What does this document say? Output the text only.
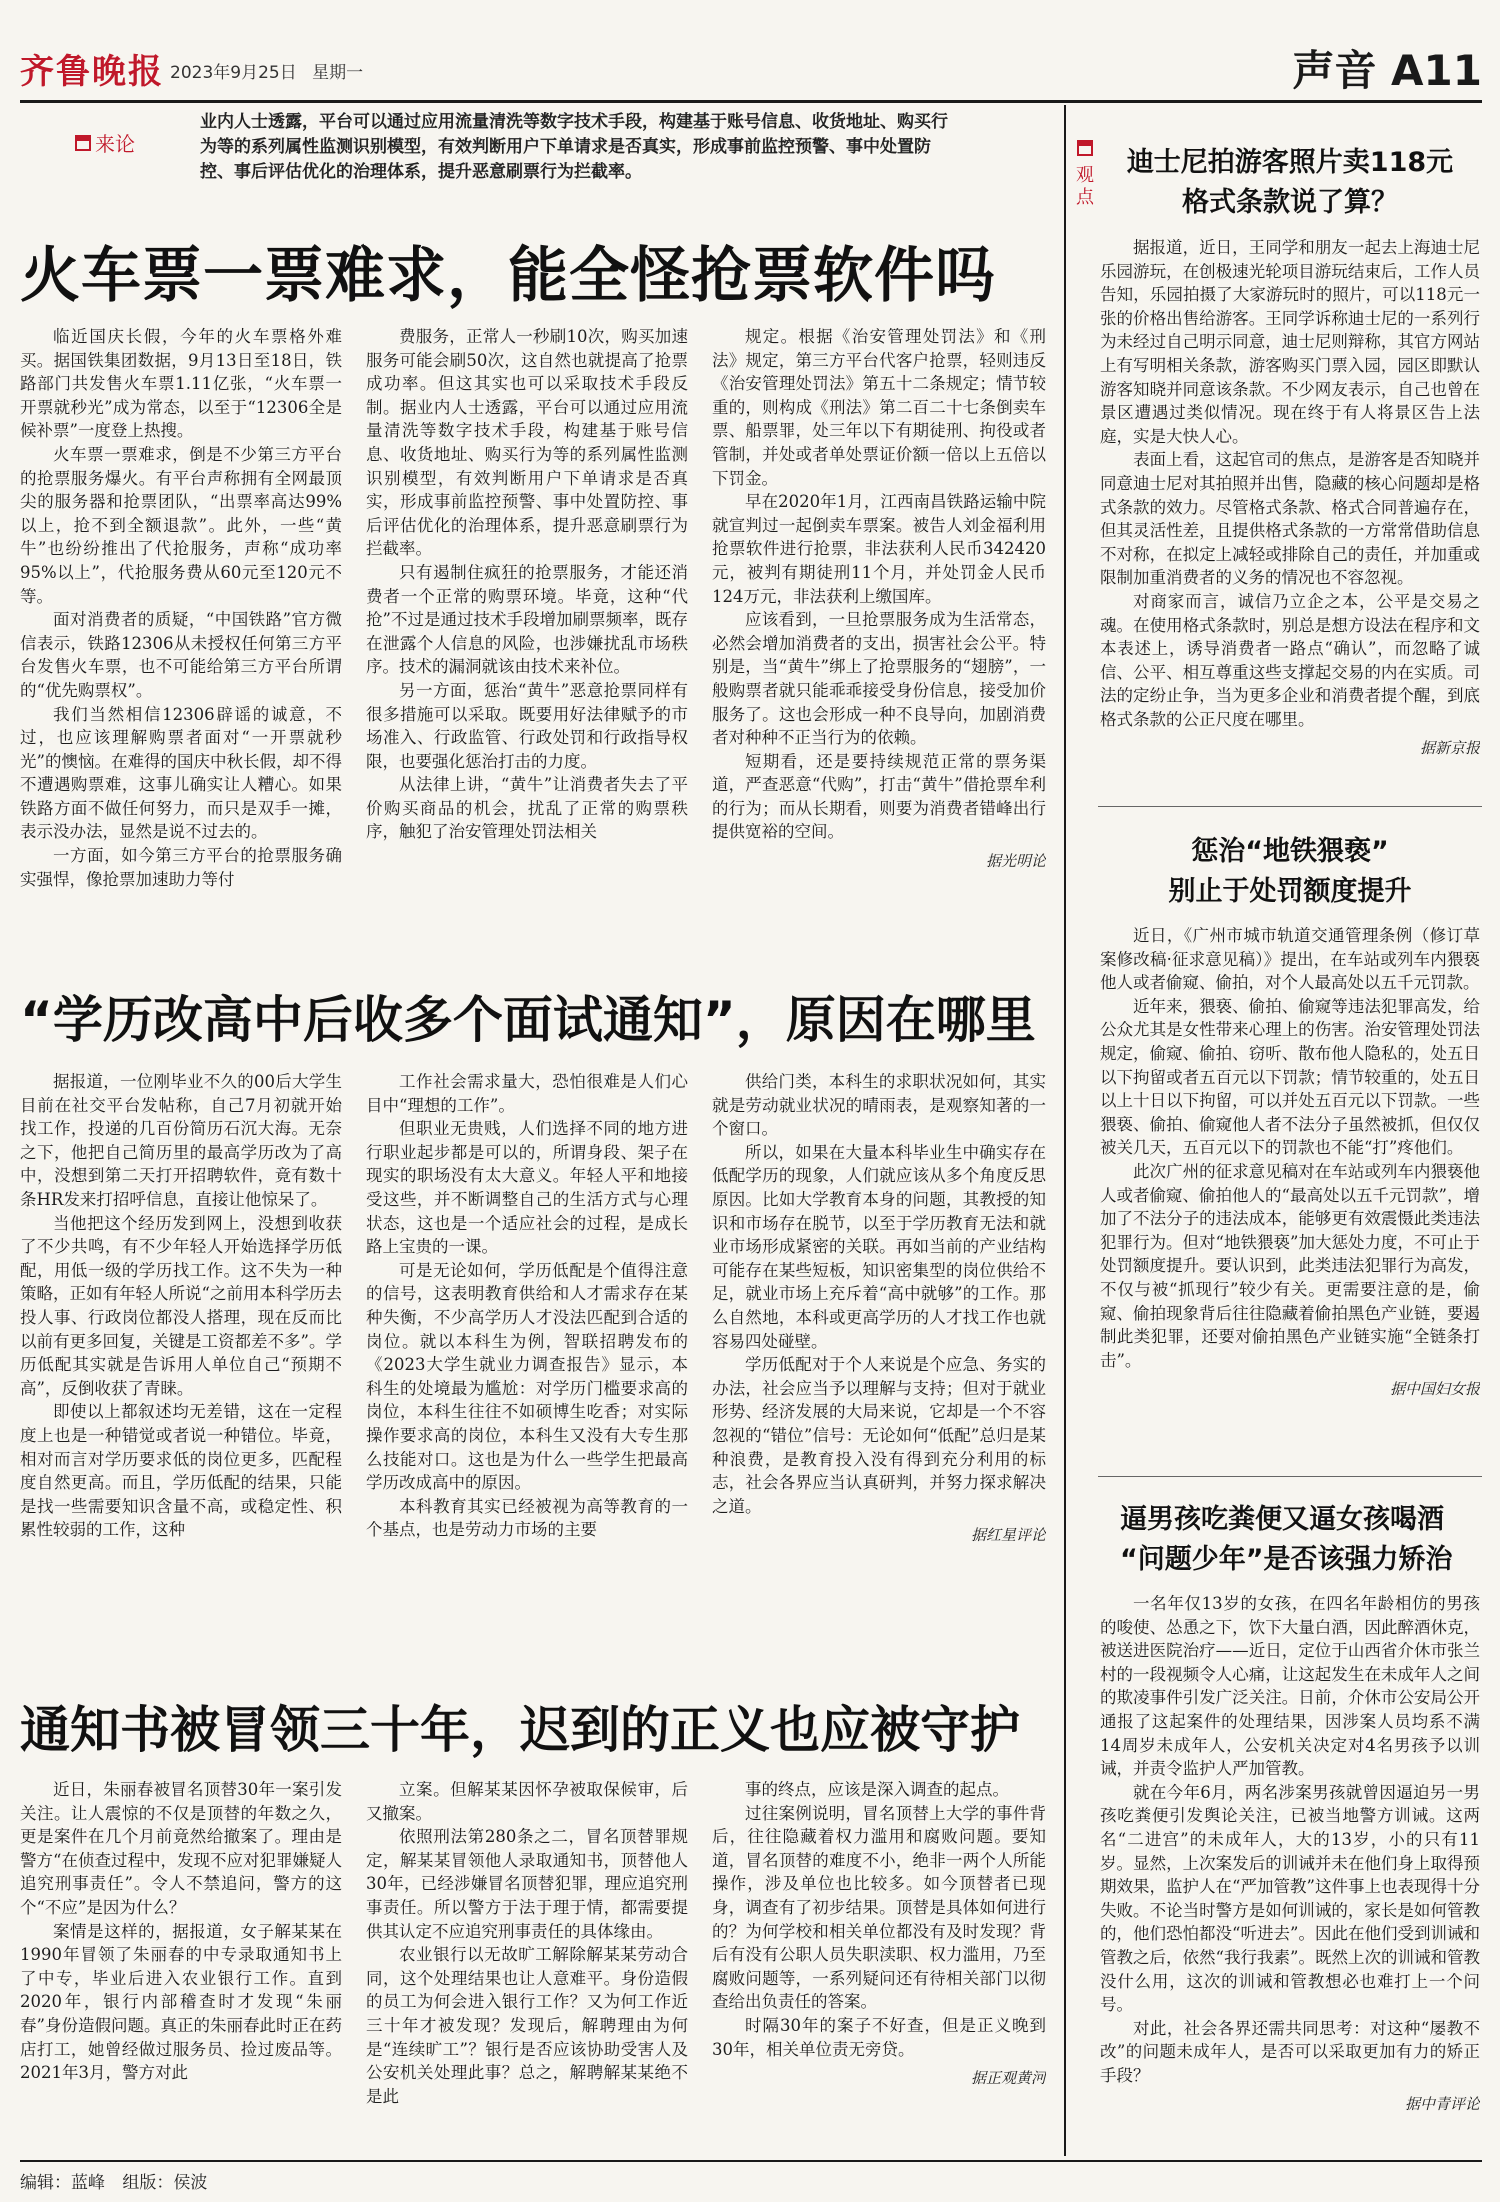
齐鲁晚报 2023年9月25日 星期一	声音 A11
来论
业内人士透露，平台可以通过应用流量清洗等数字技术手段，构建基于账号信息、收货地址、购买行为等的系列属性监测识别模型，有效判断用户下单请求是否真实，形成事前监控预警、事中处置防控、事后评估优化的治理体系，提升恶意刷票行为拦截率。
火车票一票难求，能全怪抢票软件吗

临近国庆长假，今年的火车票格外难买。据国铁集团数据，9月13日至18日，铁路部门共发售火车票1.11亿张，“火车票一开票就秒光”成为常态，以至于“12306全是候补票”一度登上热搜。

火车票一票难求，倒是不少第三方平台的抢票服务爆火。有平台声称拥有全网最顶尖的服务器和抢票团队，“出票率高达99%以上，抢不到全额退款”。此外，一些“黄牛”也纷纷推出了代抢服务，声称“成功率95%以上”，代抢服务费从60元至120元不等。

面对消费者的质疑，“中国铁路”官方微信表示，铁路12306从未授权任何第三方平台发售火车票，也不可能给第三方平台所谓的“优先购票权”。

我们当然相信12306辟谣的诚意，不过，也应该理解购票者面对“一开票就秒光”的懊恼。在难得的国庆中秋长假，却不得不遭遇购票难，这事儿确实让人糟心。如果铁路方面不做任何努力，而只是双手一摊，表示没办法，显然是说不过去的。

一方面，如今第三方平台的抢票服务确实强悍，像抢票加速助力等付

费服务，正常人一秒刷10次，购买加速服务可能会刷50次，这自然也就提高了抢票成功率。但这其实也可以采取技术手段反制。据业内人士透露，平台可以通过应用流量清洗等数字技术手段，构建基于账号信息、收货地址、购买行为等的系列属性监测识别模型，有效判断用户下单请求是否真实，形成事前监控预警、事中处置防控、事后评估优化的治理体系，提升恶意刷票行为拦截率。

只有遏制住疯狂的抢票服务，才能还消费者一个正常的购票环境。毕竟，这种“代抢”不过是通过技术手段增加刷票频率，既存在泄露个人信息的风险，也涉嫌扰乱市场秩序。技术的漏洞就该由技术来补位。

另一方面，惩治“黄牛”恶意抢票同样有很多措施可以采取。既要用好法律赋予的市场准入、行政监管、行政处罚和行政指导权限，也要强化惩治打击的力度。

从法律上讲，“黄牛”让消费者失去了平价购买商品的机会，扰乱了正常的购票秩序，触犯了治安管理处罚法相关

规定。根据《治安管理处罚法》和《刑法》规定，第三方平台代客户抢票，轻则违反《治安管理处罚法》第五十二条规定；情节较重的，则构成《刑法》第二百二十七条倒卖车票、船票罪，处三年以下有期徒刑、拘役或者管制，并处或者单处票证价额一倍以上五倍以下罚金。

早在2020年1月，江西南昌铁路运输中院就宣判过一起倒卖车票案。被告人刘金福利用抢票软件进行抢票，非法获利人民币342420元，被判有期徒刑11个月，并处罚金人民币124万元，非法获利上缴国库。

应该看到，一旦抢票服务成为生活常态，必然会增加消费者的支出，损害社会公平。特别是，当“黄牛”绑上了抢票服务的“翅膀”，一般购票者就只能乖乖接受身份信息，接受加价服务了。这也会形成一种不良导向，加剧消费者对种种不正当行为的依赖。

短期看，还是要持续规范正常的票务渠道，严查恶意“代购”，打击“黄牛”借抢票牟利的行为；而从长期看，则要为消费者错峰出行提供宽裕的空间。

据光明论

“学历改高中后收多个面试通知”，原因在哪里

据报道，一位刚毕业不久的00后大学生目前在社交平台发帖称，自己7月初就开始找工作，投递的几百份简历石沉大海。无奈之下，他把自己简历里的最高学历改为了高中，没想到第二天打开招聘软件，竟有数十条HR发来打招呼信息，直接让他惊呆了。

当他把这个经历发到网上，没想到收获了不少共鸣，有不少年轻人开始选择学历低配，用低一级的学历找工作。这不失为一种策略，正如有年轻人所说“之前用本科学历去投人事、行政岗位都没人搭理，现在反而比以前有更多回复，关键是工资都差不多”。学历低配其实就是告诉用人单位自己“预期不高”，反倒收获了青睐。

即使以上都叙述均无差错，这在一定程度上也是一种错觉或者说一种错位。毕竟，相对而言对学历要求低的岗位更多，匹配程度自然更高。而且，学历低配的结果，只能是找一些需要知识含量不高，或稳定性、积累性较弱的工作，这种

工作社会需求量大，恐怕很难是人们心目中“理想的工作”。

但职业无贵贱，人们选择不同的地方进行职业起步都是可以的，所谓身段、架子在现实的职场没有太大意义。年轻人平和地接受这些，并不断调整自己的生活方式与心理状态，这也是一个适应社会的过程，是成长路上宝贵的一课。

可是无论如何，学历低配是个值得注意的信号，这表明教育供给和人才需求存在某种失衡，不少高学历人才没法匹配到合适的岗位。就以本科生为例，智联招聘发布的《2023大学生就业力调查报告》显示，本科生的处境最为尴尬：对学历门槛要求高的岗位，本科生往往不如硕博生吃香；对实际操作要求高的岗位，本科生又没有大专生那么技能对口。这也是为什么一些学生把最高学历改成高中的原因。

本科教育其实已经被视为高等教育的一个基点，也是劳动力市场的主要

供给门类，本科生的求职状况如何，其实就是劳动就业状况的晴雨表，是观察知著的一个窗口。

所以，如果在大量本科毕业生中确实存在低配学历的现象，人们就应该从多个角度反思原因。比如大学教育本身的问题，其教授的知识和市场存在脱节，以至于学历教育无法和就业市场形成紧密的关联。再如当前的产业结构可能存在某些短板，知识密集型的岗位供给不足，就业市场上充斥着“高中就够”的工作。那么自然地，本科或更高学历的人才找工作也就容易四处碰壁。

学历低配对于个人来说是个应急、务实的办法，社会应当予以理解与支持；但对于就业形势、经济发展的大局来说，它却是一个不容忽视的“错位”信号：无论如何“低配”总归是某种浪费，是教育投入没有得到充分利用的标志，社会各界应当认真研判，并努力探求解决之道。

据红星评论

通知书被冒领三十年，迟到的正义也应被守护

近日，朱丽春被冒名顶替30年一案引发关注。让人震惊的不仅是顶替的年数之久，更是案件在几个月前竟然给撤案了。理由是警方“在侦查过程中，发现不应对犯罪嫌疑人追究刑事责任”。令人不禁追问，警方的这个“不应”是因为什么？

案情是这样的，据报道，女子解某某在1990年冒领了朱丽春的中专录取通知书上了中专，毕业后进入农业银行工作。直到2020年，银行内部稽查时才发现“朱丽春”身份造假问题。真正的朱丽春此时正在药店打工，她曾经做过服务员、捡过废品等。2021年3月，警方对此

立案。但解某某因怀孕被取保候审，后又撤案。

依照刑法第280条之二，冒名顶替罪规定，解某某冒领他人录取通知书，顶替他人30年，已经涉嫌冒名顶替犯罪，理应追究刑事责任。所以警方于法于理于情，都需要提供其认定不应追究刑事责任的具体缘由。

农业银行以无故旷工解除解某某劳动合同，这个处理结果也让人意难平。身份造假的员工为何会进入银行工作？又为何工作近三十年才被发现？发现后，解聘理由为何是“连续旷工”？银行是否应该协助受害人及公安机关处理此事？总之，解聘解某某绝不是此

事的终点，应该是深入调查的起点。

过往案例说明，冒名顶替上大学的事件背后，往往隐藏着权力滥用和腐败问题。要知道，冒名顶替的难度不小，绝非一两个人所能操作，涉及单位也比较多。如今顶替者已现身，调查有了初步结果。顶替是具体如何进行的？为何学校和相关单位都没有及时发现？背后有没有公职人员失职渎职、权力滥用，乃至腐败问题等，一系列疑问还有待相关部门以彻查给出负责任的答案。

时隔30年的案子不好查，但是正义晚到30年，相关单位责无旁贷。

据正观黄河

观点
迪士尼拍游客照片卖118元
格式条款说了算？

据报道，近日，王同学和朋友一起去上海迪士尼乐园游玩，在创极速光轮项目游玩结束后，工作人员告知，乐园拍摄了大家游玩时的照片，可以118元一张的价格出售给游客。王同学诉称迪士尼的一系列行为未经过自己明示同意，迪士尼则辩称，其官方网站上有写明相关条款，游客购买门票入园，园区即默认游客知晓并同意该条款。不少网友表示，自己也曾在景区遭遇过类似情况。现在终于有人将景区告上法庭，实是大快人心。

表面上看，这起官司的焦点，是游客是否知晓并同意迪士尼对其拍照并出售，隐藏的核心问题却是格式条款的效力。尽管格式条款、格式合同普遍存在，但其灵活性差，且提供格式条款的一方常常借助信息不对称，在拟定上减轻或排除自己的责任，并加重或限制加重消费者的义务的情况也不容忽视。

对商家而言，诚信乃立企之本，公平是交易之魂。在使用格式条款时，别总是想方设法在程序和文本表述上，诱导消费者一路点“确认”，而忽略了诚信、公平、相互尊重这些支撑起交易的内在实质。司法的定纷止争，当为更多企业和消费者提个醒，到底格式条款的公正尺度在哪里。

据新京报

惩治“地铁猥亵”
别止于处罚额度提升

近日，《广州市城市轨道交通管理条例（修订草案修改稿·征求意见稿）》提出，在车站或列车内猥亵他人或者偷窥、偷拍，对个人最高处以五千元罚款。

近年来，猥亵、偷拍、偷窥等违法犯罪高发，给公众尤其是女性带来心理上的伤害。治安管理处罚法规定，偷窥、偷拍、窃听、散布他人隐私的，处五日以下拘留或者五百元以下罚款；情节较重的，处五日以上十日以下拘留，可以并处五百元以下罚款。一些猥亵、偷拍、偷窥他人者不法分子虽然被抓，但仅仅被关几天，五百元以下的罚款也不能“打”疼他们。

此次广州的征求意见稿对在车站或列车内猥亵他人或者偷窥、偷拍他人的“最高处以五千元罚款”，增加了不法分子的违法成本，能够更有效震慑此类违法犯罪行为。但对“地铁猥亵”加大惩处力度，不可止于处罚额度提升。要认识到，此类违法犯罪行为高发，不仅与被“抓现行”较少有关。更需要注意的是，偷窥、偷拍现象背后往往隐藏着偷拍黑色产业链，要遏制此类犯罪，还要对偷拍黑色产业链实施“全链条打击”。

据中国妇女报

逼男孩吃粪便又逼女孩喝酒
“问题少年”是否该强力矫治

一名年仅13岁的女孩，在四名年龄相仿的男孩的唆使、怂恿之下，饮下大量白酒，因此醉酒休克，被送进医院治疗——近日，定位于山西省介休市张兰村的一段视频令人心痛，让这起发生在未成年人之间的欺凌事件引发广泛关注。日前，介休市公安局公开通报了这起案件的处理结果，因涉案人员均系不满14周岁未成年人，公安机关决定对4名男孩予以训诫，并责令监护人严加管教。

就在今年6月，两名涉案男孩就曾因逼迫另一男孩吃粪便引发舆论关注，已被当地警方训诫。这两名“二进宫”的未成年人，大的13岁，小的只有11岁。显然，上次案发后的训诫并未在他们身上取得预期效果，监护人在“严加管教”这件事上也表现得十分失败。不论当时警方是如何训诫的，家长是如何管教的，他们恐怕都没“听进去”。因此在他们受到训诫和管教之后，依然“我行我素”。既然上次的训诫和管教没什么用，这次的训诫和管教想必也难打上一个问号。

对此，社会各界还需共同思考：对这种“屡教不改”的问题未成年人，是否可以采取更加有力的矫正手段？

据中青评论

编辑：蓝峰 组版：侯波
